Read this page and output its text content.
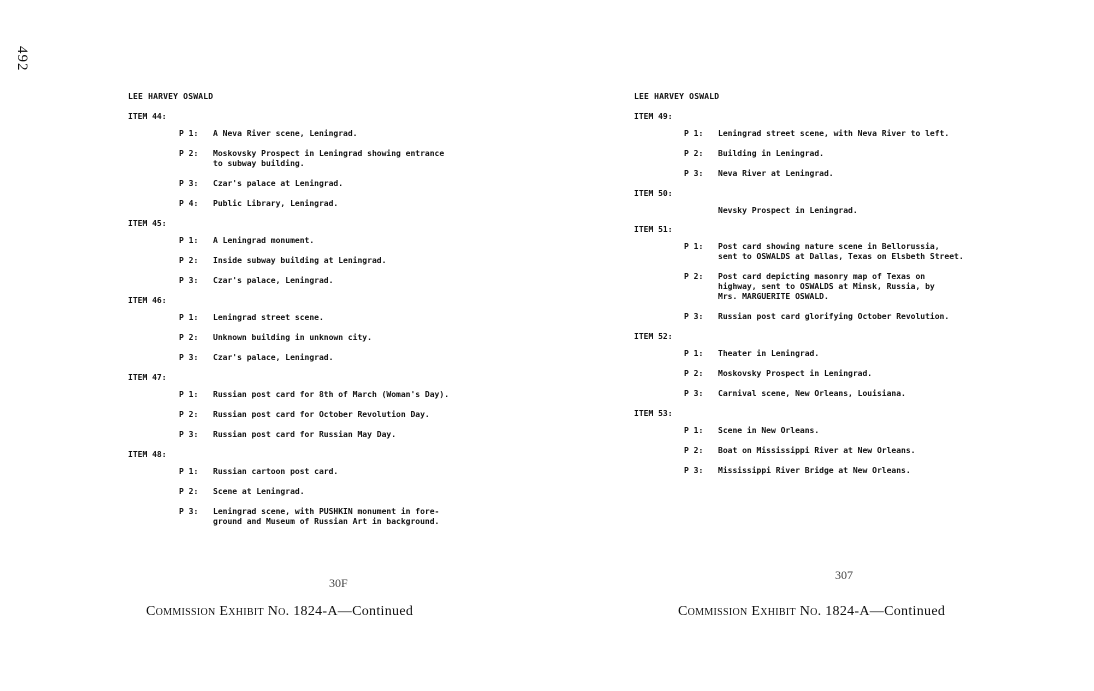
492
LEE HARVEY OSWALD
ITEM 44:
P 1:	A Neva River scene, Leningrad.
P 2:	Moskovsky Prospect in Leningrad showing entrance
to subway building.
P 3:	Czar's palace at Leningrad.
P 4:	Public Library, Leningrad.
ITEM 45:
P 1:	A Leningrad monument.
P 2:	Inside subway building at Leningrad.
P 3:	Czar's palace, Leningrad.
ITEM 46:
P 1:	Leningrad street scene.
P 2:	Unknown building in unknown city.
P 3:	Czar's palace, Leningrad.
ITEM 47:
P 1:	Russian post card for 8th of March (Woman's Day).
P 2:	Russian post card for October Revolution Day.
P 3:	Russian post card for Russian May Day.
ITEM 48:
P 1:	Russian cartoon post card.
P 2:	Scene at Leningrad.
P 3:	Leningrad scene, with PUSHKIN monument in fore-
ground and Museum of Russian Art in background.
30F
Commission Exhibit No. 1824-A—Continued
LEE HARVEY OSWALD
ITEM 49:
P 1:	Leningrad street scene, with Neva River to left.
P 2:	Building in Leningrad.
P 3:	Neva River at Leningrad.
ITEM 50:
Nevsky Prospect in Leningrad.
ITEM 51:
P 1:	Post card showing nature scene in Bellorussia,
sent to OSWALDS at Dallas, Texas on Elsbeth Street.
P 2:	Post card depicting masonry map of Texas on
highway, sent to OSWALDS at Minsk, Russia, by
Mrs. MARGUERITE OSWALD.
P 3:	Russian post card glorifying October Revolution.
ITEM 52:
P 1:	Theater in Leningrad.
P 2:	Moskovsky Prospect in Leningrad.
P 3:	Carnival scene, New Orleans, Louisiana.
ITEM 53:
P 1:	Scene in New Orleans.
P 2:	Boat on Mississippi River at New Orleans.
P 3:	Mississippi River Bridge at New Orleans.
307
Commission Exhibit No. 1824-A—Continued
